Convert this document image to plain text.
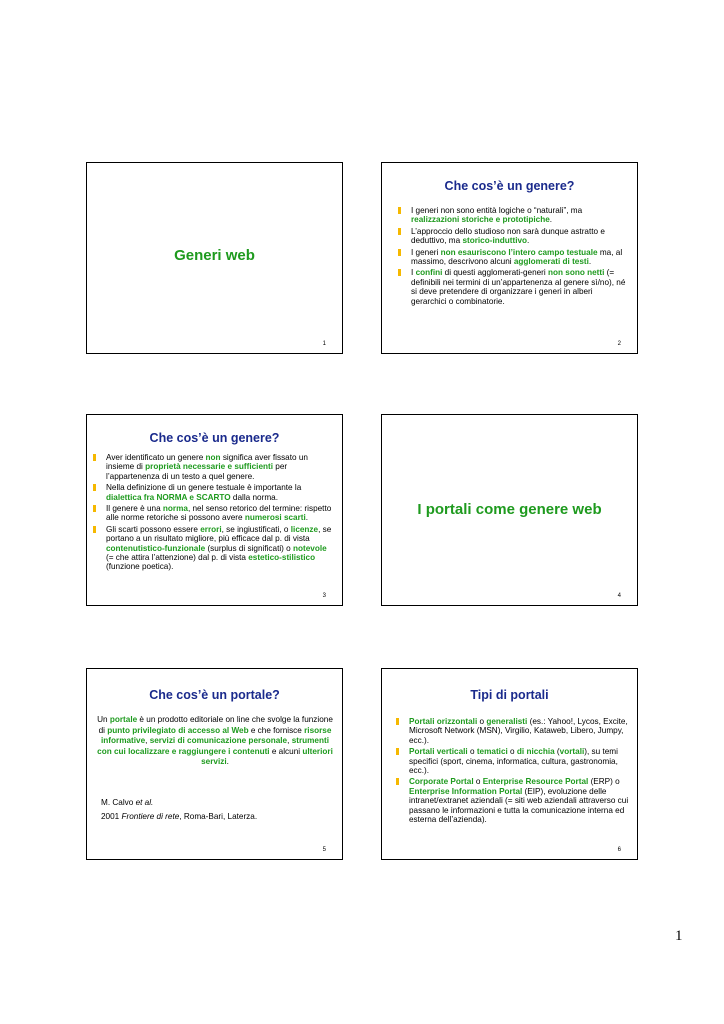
Generi web
1
Che cos’è un genere?
I generi non sono entità logiche o “naturali”, ma realizzazioni storiche e prototipiche.
L’approccio dello studioso non sarà dunque astratto e deduttivo, ma storico-induttivo.
I generi non esauriscono l’intero campo testuale ma, al massimo, descrivono alcuni agglomerati di testi.
I confini di questi agglomerati-generi non sono netti (= definibili nei termini di un’appartenenza al genere sì/no), né si deve pretendere di organizzare i generi in alberi gerarchici o combinatorie.
2
Che cos’è un genere?
Aver identificato un genere non significa aver fissato un insieme di proprietà necessarie e sufficienti per l’appartenenza di un testo a quel genere.
Nella definizione di un genere testuale è importante la dialettica fra NORMA e SCARTO dalla norma.
Il genere è una norma, nel senso retorico del termine: rispetto alle norme retoriche si possono avere numerosi scarti.
Gli scarti possono essere errori, se ingiustificati, o licenze, se portano a un risultato migliore, più efficace dal p. di vista contenutistico-funzionale (surplus di significati) o notevole (= che attira l’attenzione) dal p. di vista estetico-stilistico (funzione poetica).
3
I portali come genere web
4
Che cos’è un portale?
Un portale è un prodotto editoriale on line che svolge la funzione di punto privilegiato di accesso al Web e che fornisce risorse informative, servizi di comunicazione personale, strumenti con cui localizzare e raggiungere i contenuti e alcuni ulteriori servizi.
M. Calvo et al.
2001 Frontiere di rete, Roma-Bari, Laterza.
5
Tipi di portali
Portali orizzontali o generalisti (es.: Yahoo!, Lycos, Excite, Microsoft Network (MSN), Virgilio, Kataweb, Libero, Jumpy, ecc.).
Portali verticali o tematici o di nicchia (vortali), su temi specifici (sport, cinema, informatica, cultura, gastronomia, ecc.).
Corporate Portal o Enterprise Resource Portal (ERP) o Enterprise Information Portal (EIP), evoluzione delle intranet/extranet aziendali (= siti web aziendali attraverso cui passano le informazioni e tutta la comunicazione interna ed esterna dell’azienda).
6
1
